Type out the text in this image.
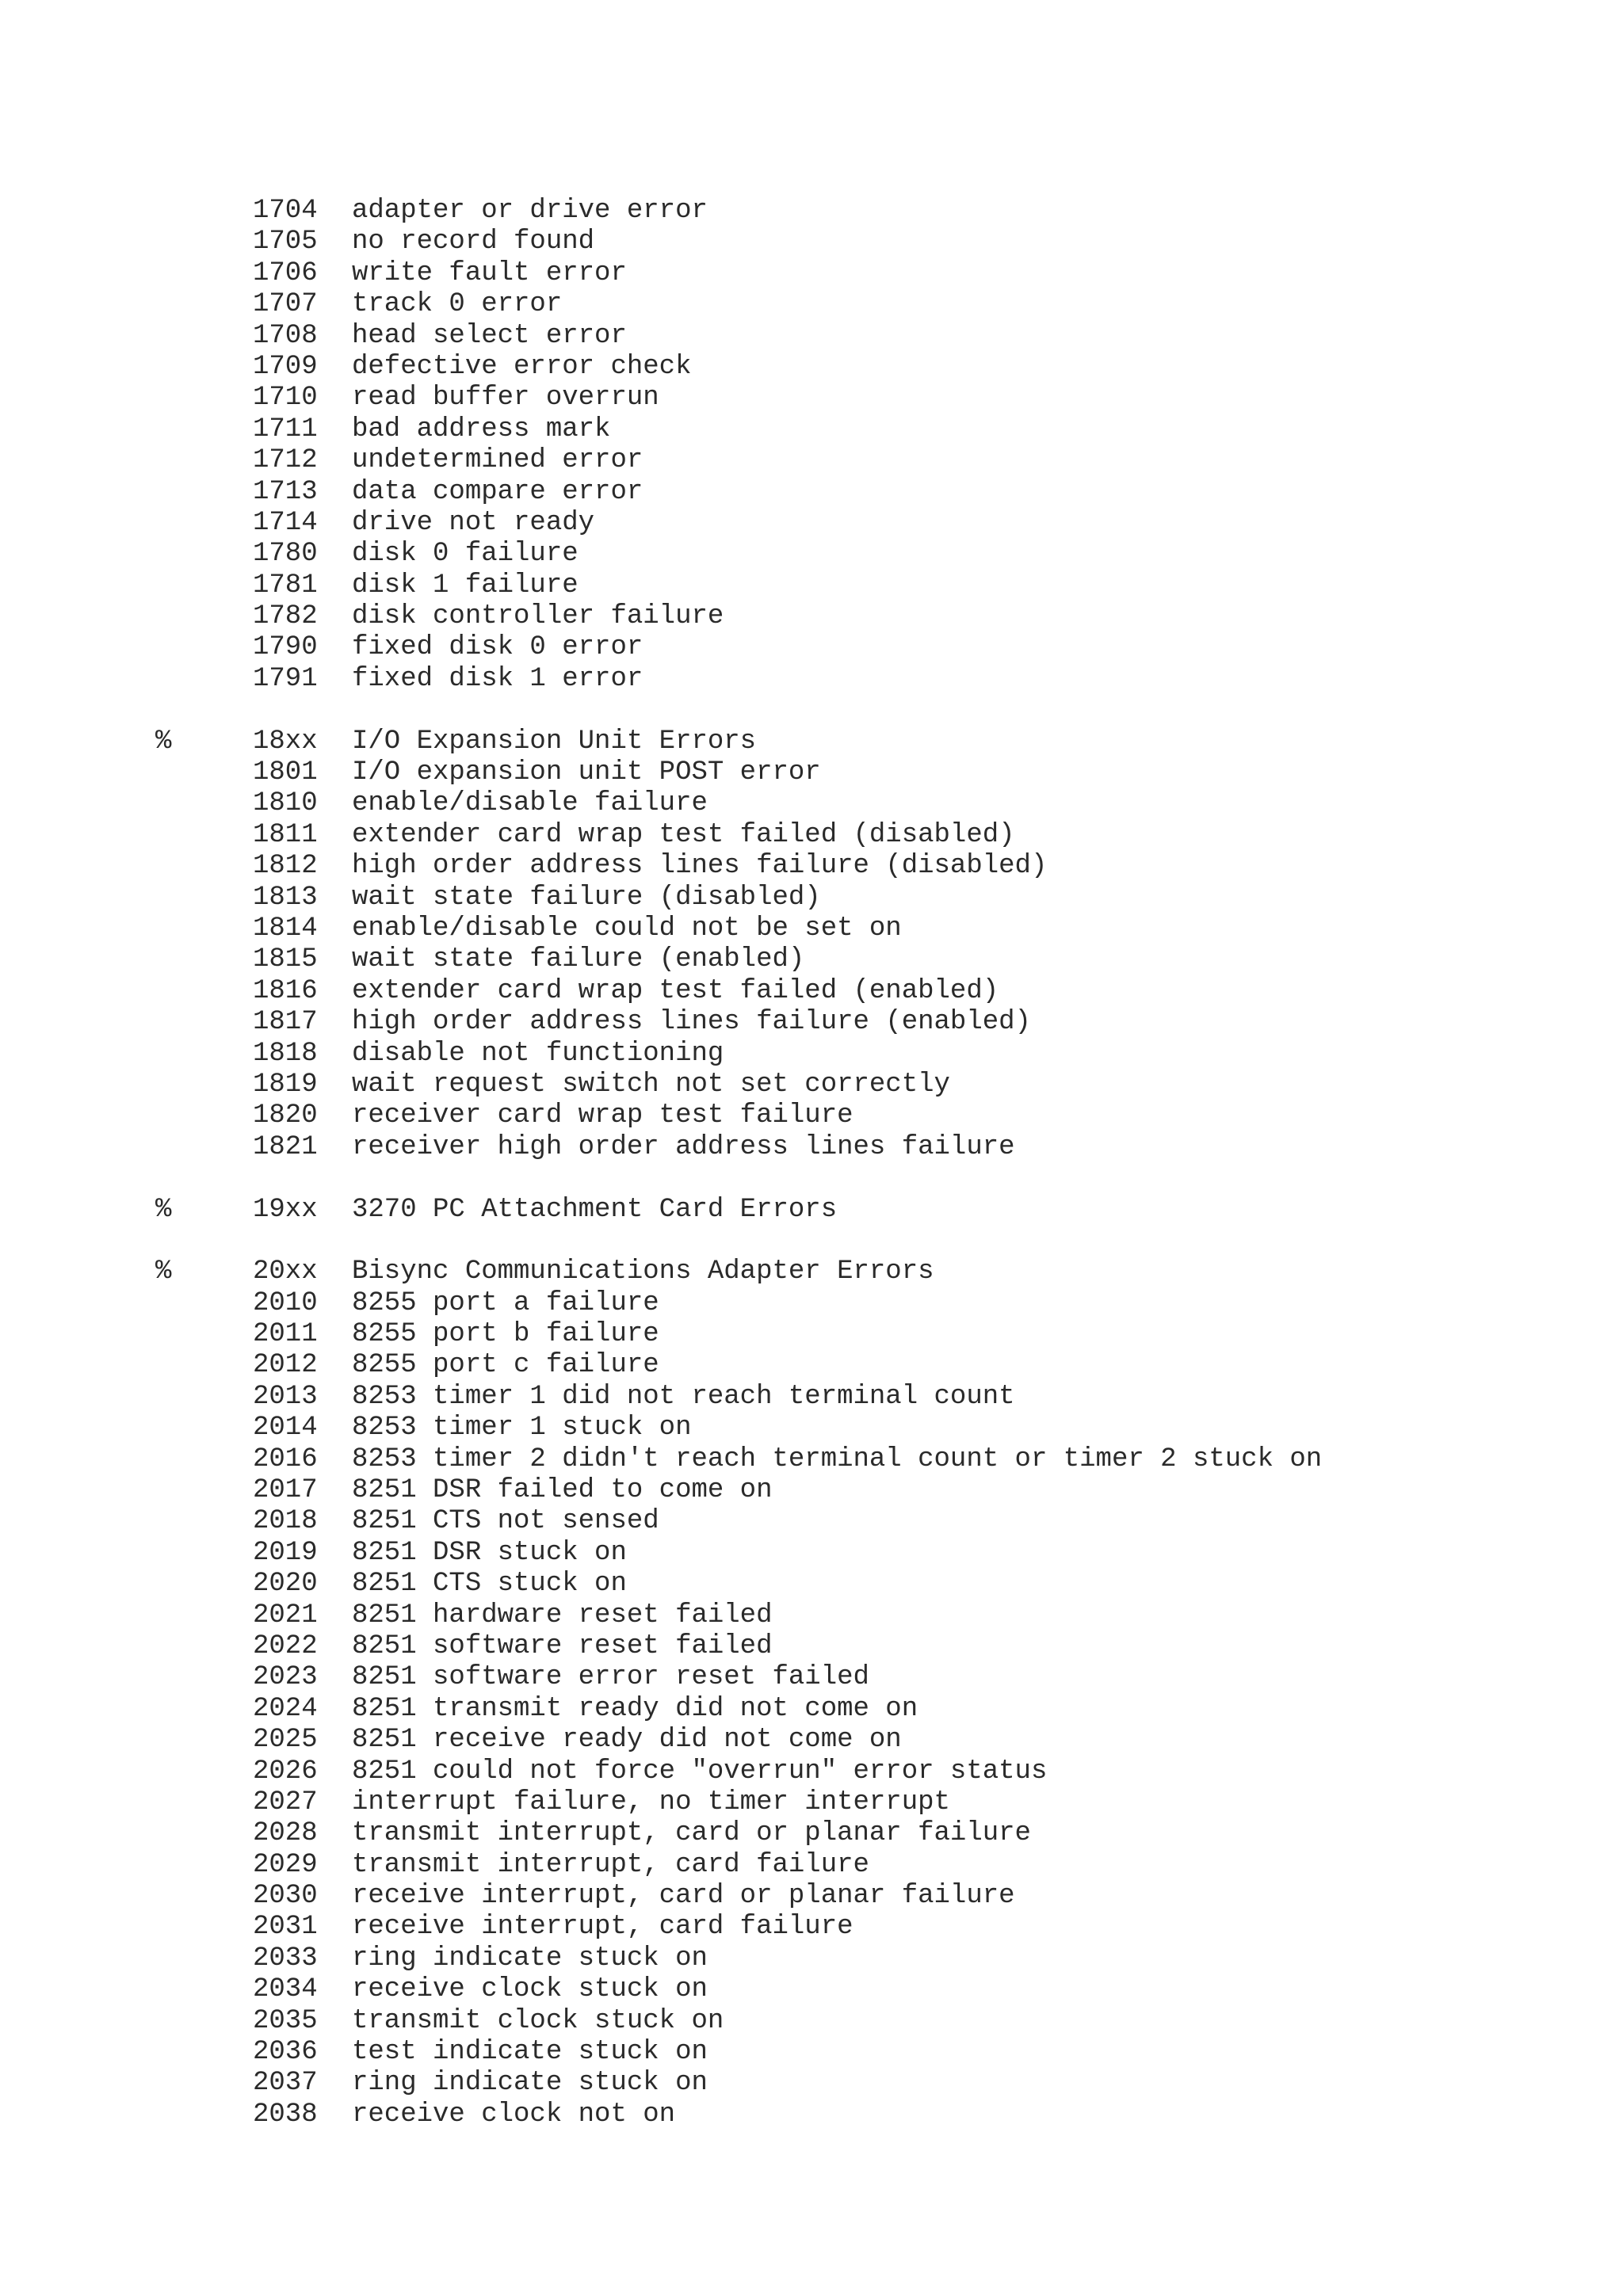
1704 adapter or drive error
1705 no record found
1706 write fault error
1707 track 0 error
1708 head select error
1709 defective error check
1710 read buffer overrun
1711 bad address mark
1712 undetermined error
1713 data compare error
1714 drive not ready
1780 disk 0 failure
1781 disk 1 failure
1782 disk controller failure
1790 fixed disk 0 error
1791 fixed disk 1 error
%	18xx I/O Expansion Unit Errors
1801 I/O expansion unit POST error
1810 enable/disable failure
1811 extender card wrap test failed (disabled)
1812 high order address lines failure (disabled)
1813 wait state failure (disabled)
1814 enable/disable could not be set on
1815 wait state failure (enabled)
1816 extender card wrap test failed (enabled)
1817 high order address lines failure (enabled)
1818 disable not functioning
1819 wait request switch not set correctly
1820 receiver card wrap test failure
1821 receiver high order address lines failure
%	19xx 3270 PC Attachment Card Errors
%	20xx Bisync Communications Adapter Errors
2010 8255 port a failure
2011 8255 port b failure
2012 8255 port c failure
2013 8253 timer 1 did not reach terminal count
2014 8253 timer 1 stuck on
2016 8253 timer 2 didn't reach terminal count or timer 2 stuck on
2017 8251 DSR failed to come on
2018 8251 CTS not sensed
2019 8251 DSR stuck on
2020 8251 CTS stuck on
2021 8251 hardware reset failed
2022 8251 software reset failed
2023 8251 software error reset failed
2024 8251 transmit ready did not come on
2025 8251 receive ready did not come on
2026 8251 could not force "overrun" error status
2027 interrupt failure, no timer interrupt
2028 transmit interrupt, card or planar failure
2029 transmit interrupt, card failure
2030 receive interrupt, card or planar failure
2031 receive interrupt, card failure
2033 ring indicate stuck on
2034 receive clock stuck on
2035 transmit clock stuck on
2036 test indicate stuck on
2037 ring indicate stuck on
2038 receive clock not on
